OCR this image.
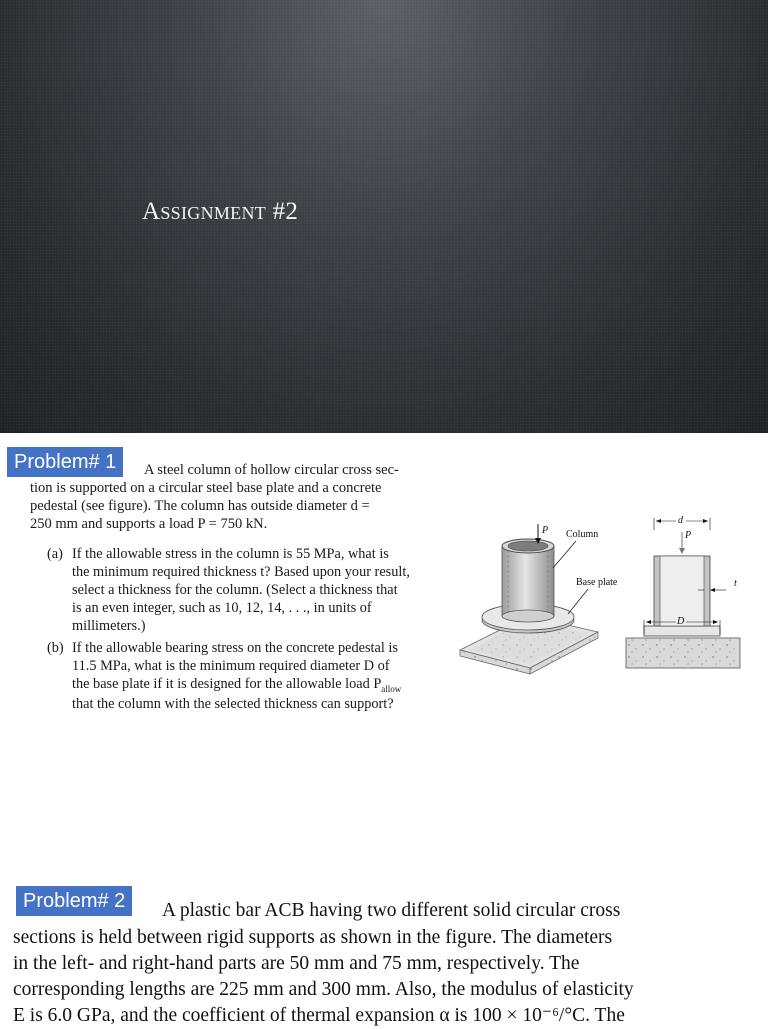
Assignment #2
Problem# 1	A steel column of hollow circular cross sec-
tion is supported on a circular steel base plate and a concrete
pedestal (see figure). The column has outside diameter d =
250 mm and supports a load P = 750 kN.
(a) If the allowable stress in the column is 55 MPa, what is
the minimum required thickness t? Based upon your result,
select a thickness for the column. (Select a thickness that
is an even integer, such as 10, 12, 14, . . ., in units of
millimeters.)
(b) If the allowable bearing stress on the concrete pedestal is
11.5 MPa, what is the minimum required diameter D of
the base plate if it is designed for the allowable load $P_{allow}$
that the column with the selected thickness can support?
P Column
Base plate
d
P
t
D
Problem# 2	A plastic bar ACB having two different solid circular cross
sections is held between rigid supports as shown in the figure. The diameters
in the left- and right-hand parts are 50 mm and 75 mm, respectively. The
corresponding lengths are 225 mm and 300 mm. Also, the modulus of elasticity
E is 6.0 GPa, and the coefficient of thermal expansion α is 100 × 10⁻⁶/°C. The
